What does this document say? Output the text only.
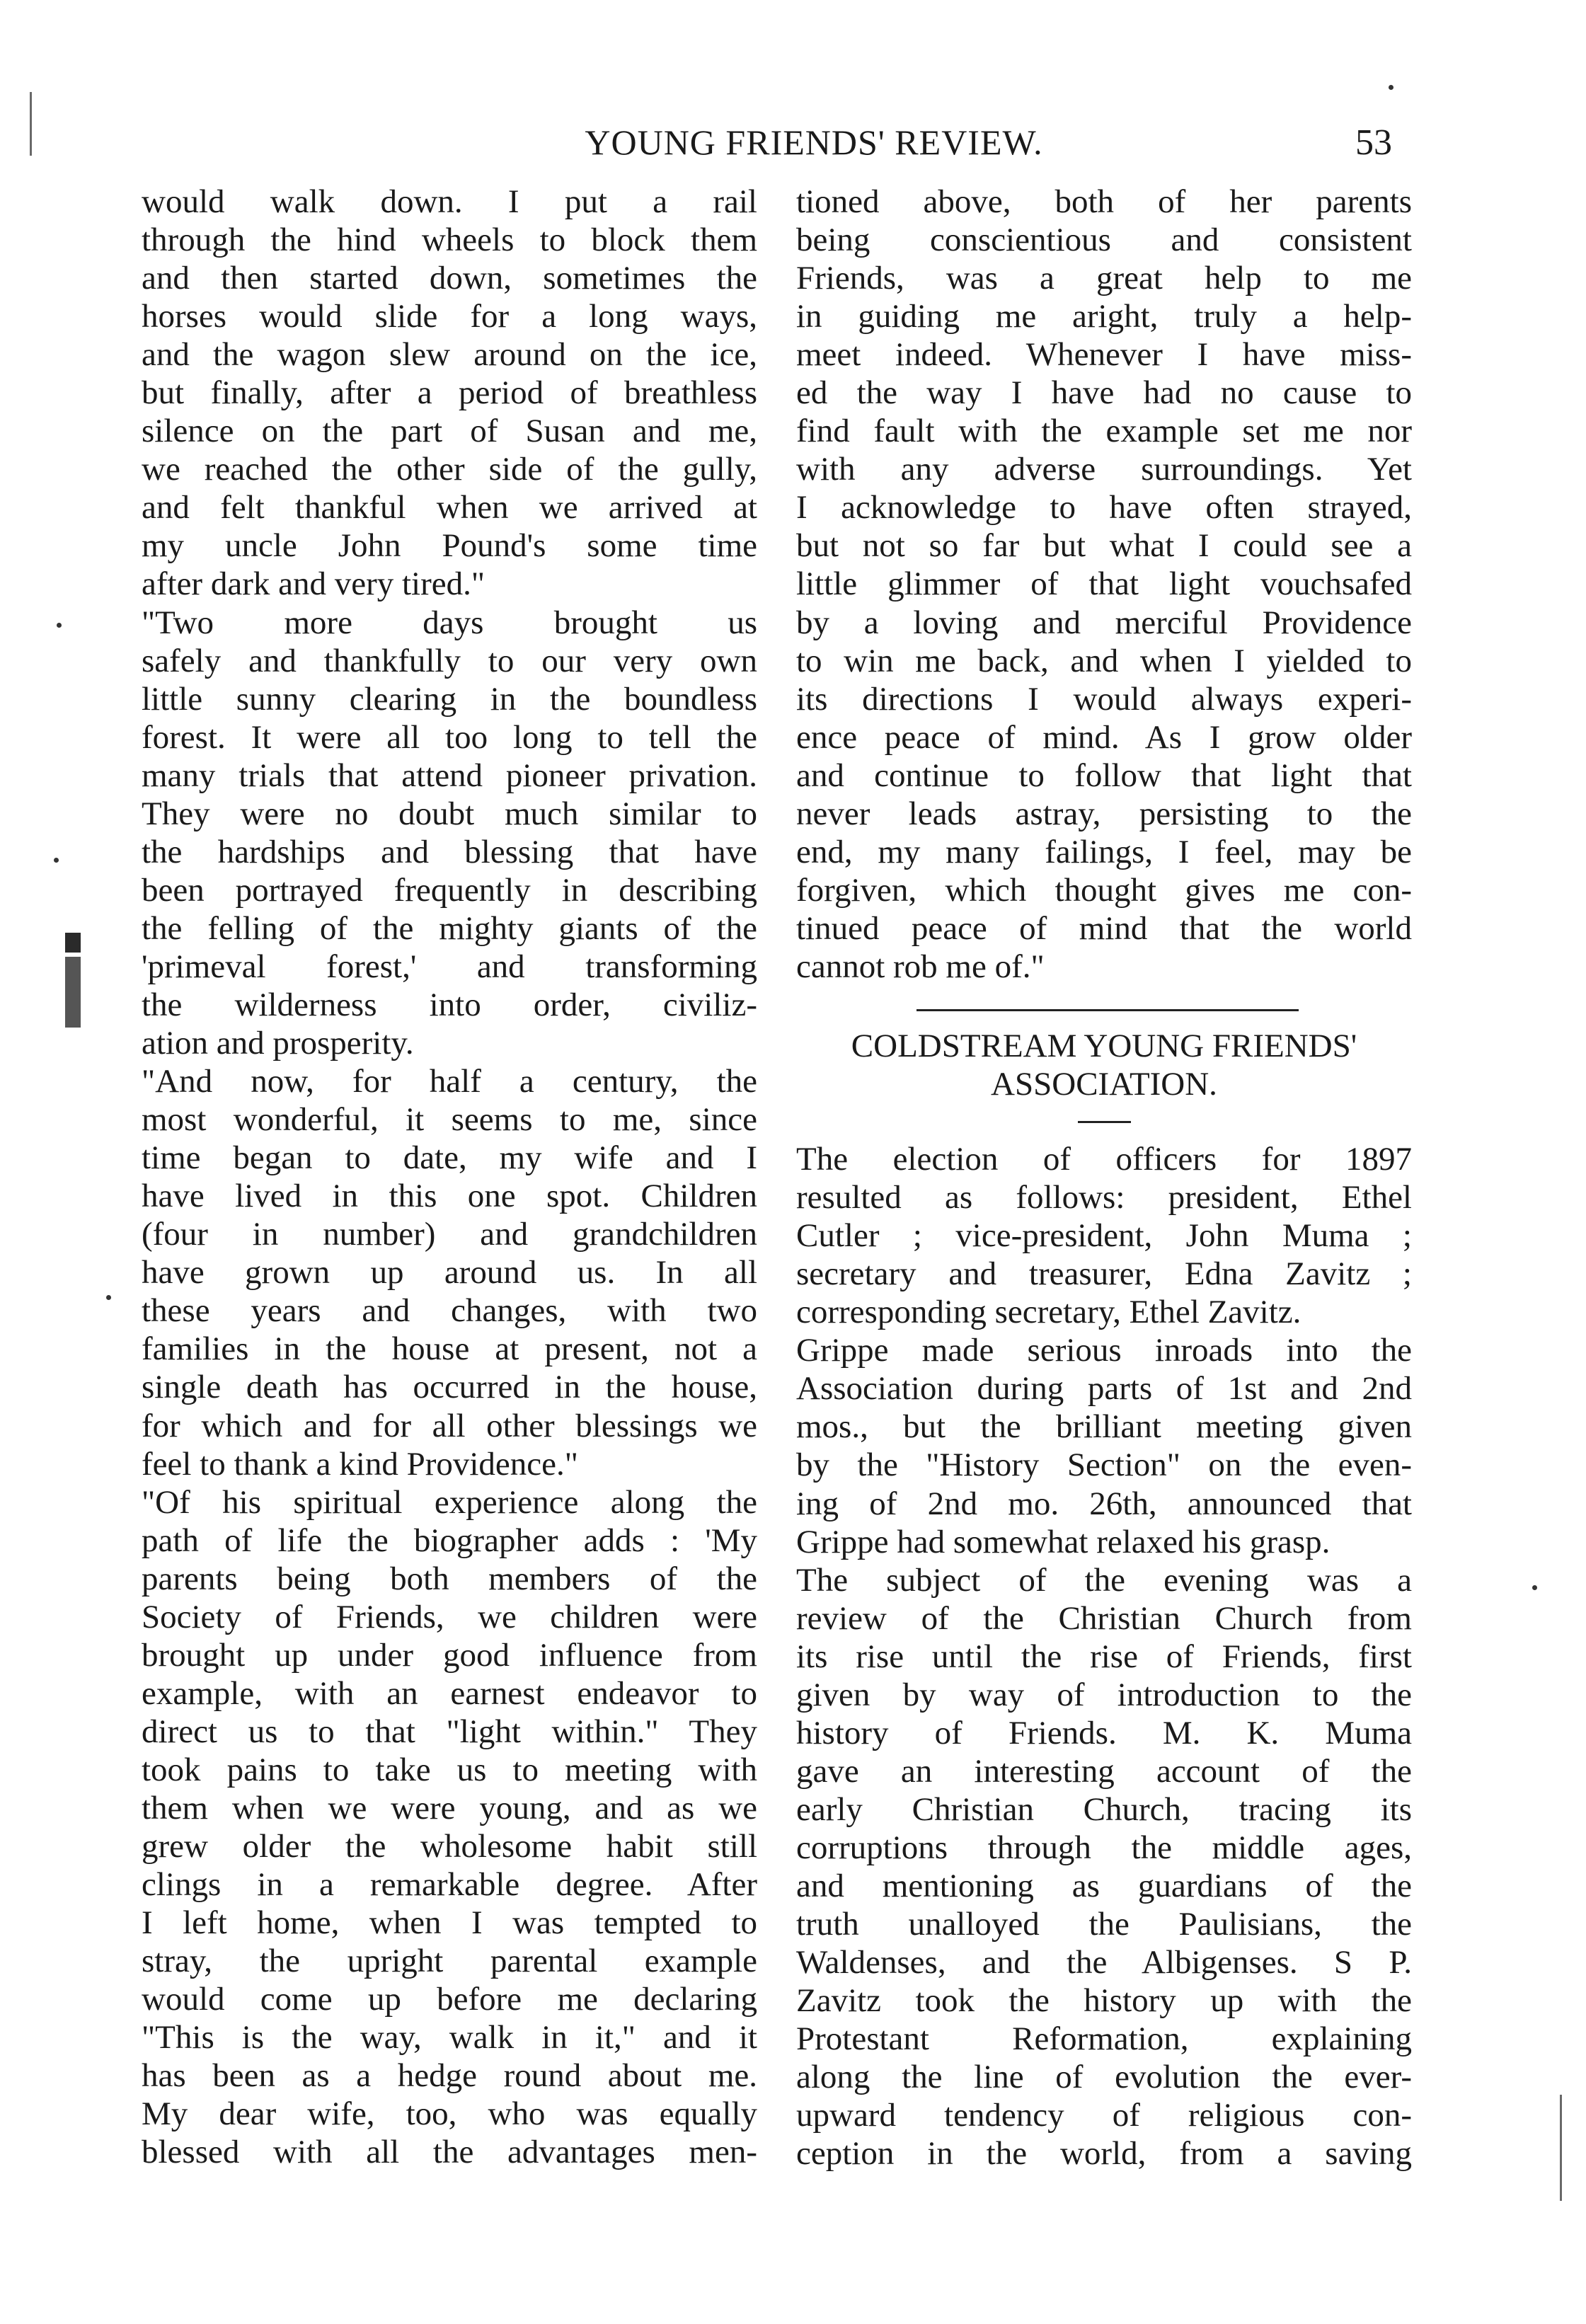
YOUNG FRIENDS' REVIEW.	53
would walk down. I put a rail
through the hind wheels to block them
and then started down, sometimes the
horses would slide for a long ways,
and the wagon slew around on the ice,
but finally, after a period of breathless
silence on the part of Susan and me,
we reached the other side of the gully,
and felt thankful when we arrived at
my uncle John Pound's some time
after dark and very tired."
"Two more days brought us
safely and thankfully to our very own
little sunny clearing in the boundless
forest. It were all too long to tell the
many trials that attend pioneer privation.
They were no doubt much similar to
the hardships and blessing that have
been portrayed frequently in describing
the felling of the mighty giants of the
'primeval forest,' and transforming
the wilderness into order, civiliz-
ation and prosperity.
"And now, for half a century, the
most wonderful, it seems to me, since
time began to date, my wife and I
have lived in this one spot. Children
(four in number) and grandchildren
have grown up around us. In all
these years and changes, with two
families in the house at present, not a
single death has occurred in the house,
for which and for all other blessings we
feel to thank a kind Providence."
"Of his spiritual experience along the
path of life the biographer adds : 'My
parents being both members of the
Society of Friends, we children were
brought up under good influence from
example, with an earnest endeavor to
direct us to that "light within." They
took pains to take us to meeting with
them when we were young, and as we
grew older the wholesome habit still
clings in a remarkable degree. After
I left home, when I was tempted to
stray, the upright parental example
would come up before me declaring
"This is the way, walk in it," and it
has been as a hedge round about me.
My dear wife, too, who was equally
blessed with all the advantages men-
tioned above, both of her parents
being conscientious and consistent
Friends, was a great help to me
in guiding me aright, truly a help-
meet indeed. Whenever I have miss-
ed the way I have had no cause to
find fault with the example set me nor
with any adverse surroundings. Yet
I acknowledge to have often strayed,
but not so far but what I could see a
little glimmer of that light vouchsafed
by a loving and merciful Providence
to win me back, and when I yielded to
its directions I would always experi-
ence peace of mind. As I grow older
and continue to follow that light that
never leads astray, persisting to the
end, my many failings, I feel, may be
forgiven, which thought gives me con-
tinued peace of mind that the world
cannot rob me of."
COLDSTREAM YOUNG FRIENDS'
ASSOCIATION.
The election of officers for 1897
resulted as follows: president, Ethel
Cutler ; vice-president, John Muma ;
secretary and treasurer, Edna Zavitz ;
corresponding secretary, Ethel Zavitz.
Grippe made serious inroads into the
Association during parts of 1st and 2nd
mos., but the brilliant meeting given
by the "History Section" on the even-
ing of 2nd mo. 26th, announced that
Grippe had somewhat relaxed his grasp.
The subject of the evening was a
review of the Christian Church from
its rise until the rise of Friends, first
given by way of introduction to the
history of Friends. M. K. Muma
gave an interesting account of the
early Christian Church, tracing its
corruptions through the middle ages,
and mentioning as guardians of the
truth unalloyed the Paulisians, the
Waldenses, and the Albigenses. S P.
Zavitz took the history up with the
Protestant Reformation, explaining
along the line of evolution the ever-
upward tendency of religious con-
ception in the world, from a saving
